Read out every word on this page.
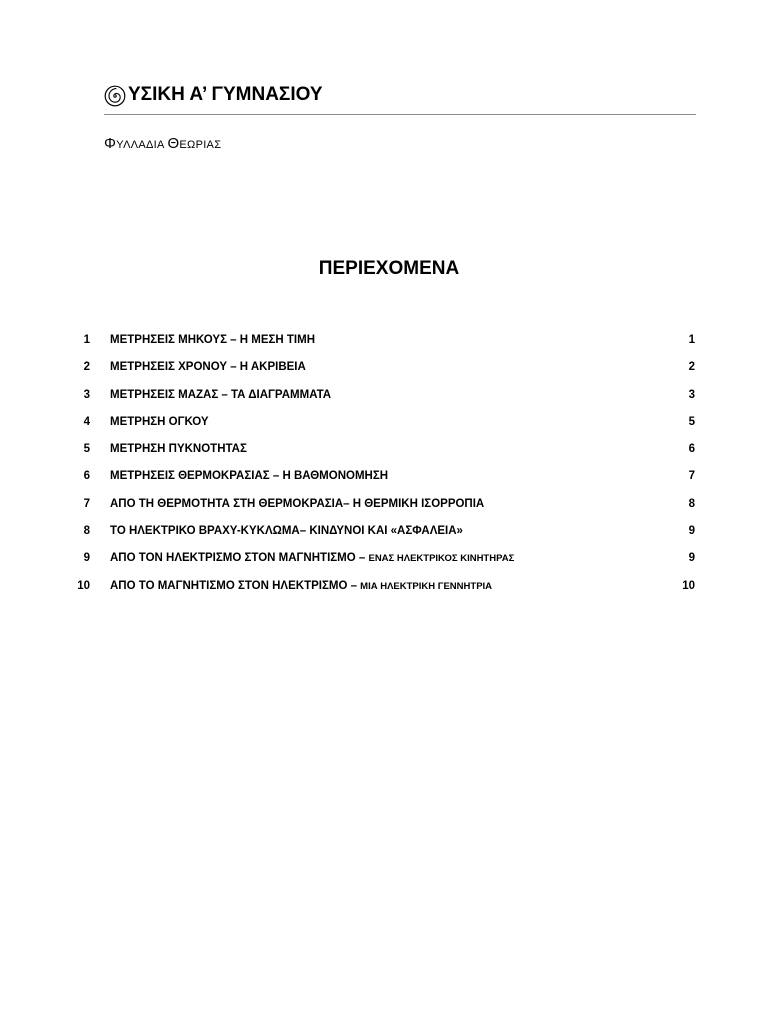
ΥΣΙΚΗ Α’ ΓΥΜΝΑΣΙΟΥ
ΦΥΛΛΑΔΙΑ ΘΕΩΡΙΑΣ
ΠΕΡΙΕΧΟΜΕΝΑ
1 ΜΕΤΡΗΣΕΙΣ ΜΗΚΟΥΣ – Η ΜΕΣΗ ΤΙΜΗ	1
2 ΜΕΤΡΗΣΕΙΣ ΧΡΟΝΟΥ – Η ΑΚΡΙΒΕΙΑ	2
3 ΜΕΤΡΗΣΕΙΣ ΜΑΖΑΣ – ΤΑ ΔΙΑΓΡΑΜΜΑΤΑ	3
4 ΜΕΤΡΗΣΗ ΟΓΚΟΥ	5
5 ΜΕΤΡΗΣΗ ΠΥΚΝΟΤΗΤΑΣ	6
6 ΜΕΤΡΗΣΕΙΣ ΘΕΡΜΟΚΡΑΣΙΑΣ – Η ΒΑΘΜΟΝΟΜΗΣΗ	7
7 ΑΠΟ ΤΗ ΘΕΡΜΟΤΗΤΑ ΣΤΗ ΘΕΡΜΟΚΡΑΣΙΑ– Η ΘΕΡΜΙΚΗ ΙΣΟΡΡΟΠΙΑ	8
8 ΤΟ ΗΛΕΚΤΡΙΚΟ ΒΡΑΧΥ-ΚΥΚΛΩΜΑ– ΚΙΝΔΥΝΟΙ ΚΑΙ «ΑΣΦΑΛΕΙΑ»	9
9 ΑΠΟ ΤΟΝ ΗΛΕΚΤΡΙΣΜΟ ΣΤΟΝ ΜΑΓΝΗΤΙΣΜΟ – ΕΝΑΣ ΗΛΕΚΤΡΙΚΟΣ ΚΙΝΗΤΗΡΑΣ	9
10 ΑΠΟ ΤΟ ΜΑΓΝΗΤΙΣΜΟ ΣΤΟΝ ΗΛΕΚΤΡΙΣΜΟ – ΜΙΑ ΗΛΕΚΤΡΙΚΗ ΓΕΝΝΗΤΡΙΑ	10
